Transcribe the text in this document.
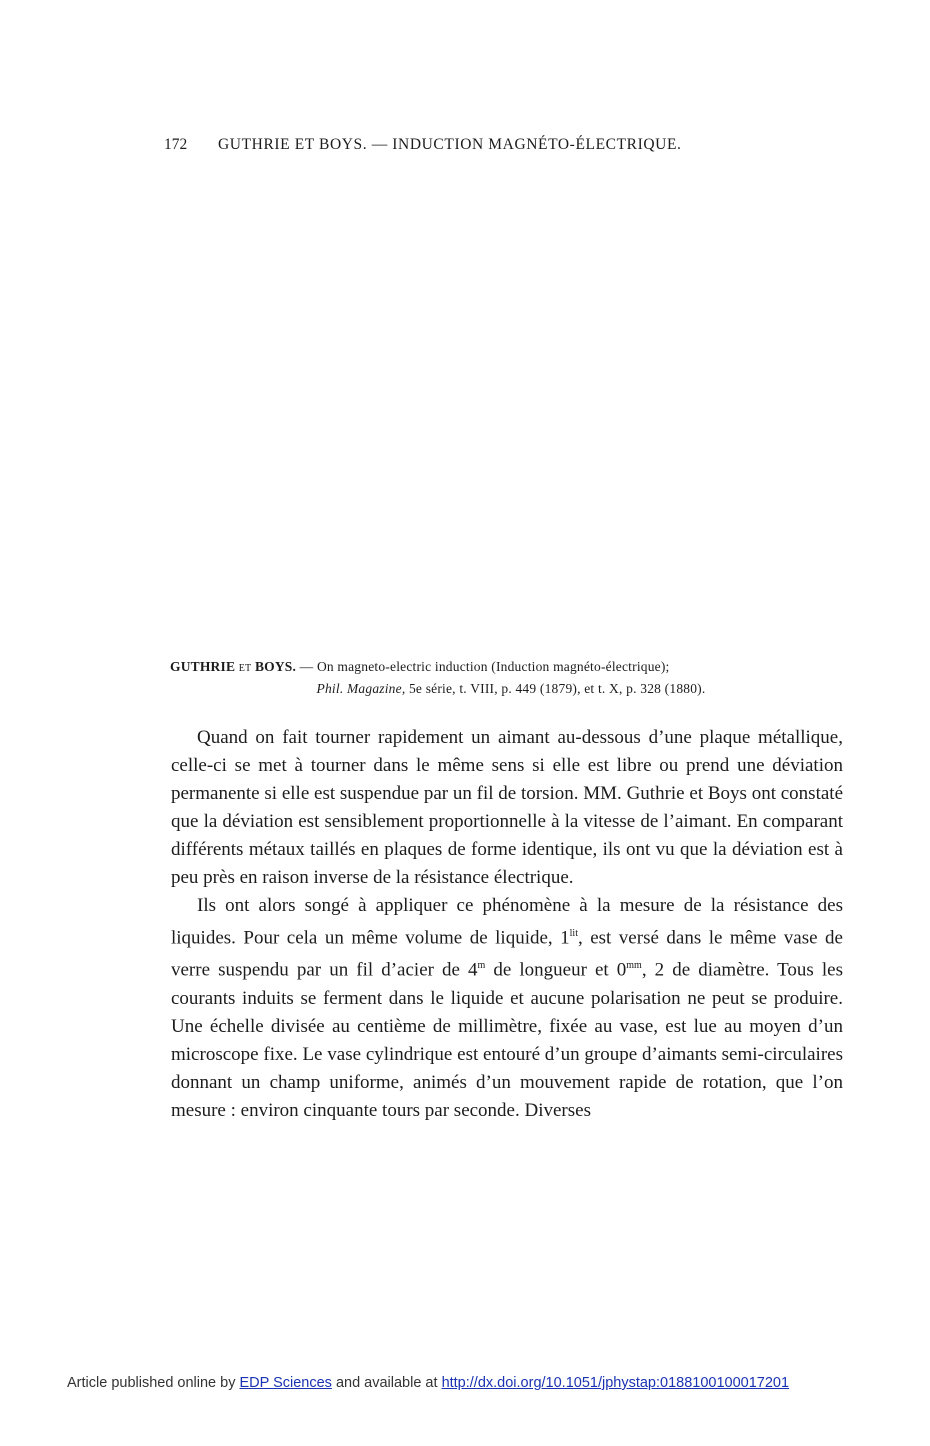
172 GUTHRIE ET BOYS. — INDUCTION MAGNÉTO-ÉLECTRIQUE.
GUTHRIE ET BOYS. — On magneto-electric induction (Induction magnéto-électrique);
Phil. Magazine, 5e série, t. VIII, p. 449 (1879), et t. X, p. 328 (1880).

Quand on fait tourner rapidement un aimant au-dessous d’une plaque métallique, celle-ci se met à tourner dans le même sens si elle est libre ou prend une déviation permanente si elle est suspendue par un fil de torsion. MM. Guthrie et Boys ont constaté que la déviation est sensiblement proportionnelle à la vitesse de l’aimant. En comparant différents métaux taillés en plaques de forme identique, ils ont vu que la déviation est à peu près en raison inverse de la résistance électrique.

Ils ont alors songé à appliquer ce phénomène à la mesure de la résistance des liquides. Pour cela un même volume de liquide, $1^{lit}$, est versé dans le même vase de verre suspendu par un fil d’acier de 4$^m$ de longueur et $0^{mm}$, 2 de diamètre. Tous les courants induits se ferment dans le liquide et aucune polarisation ne peut se produire. Une échelle divisée au centième de millimètre, fixée au vase, est lue au moyen d’un microscope fixe. Le vase cylindrique est entouré d’un groupe d’aimants semi-circulaires donnant un champ uniforme, animés d’un mouvement rapide de rotation, que l’on mesure : environ cinquante tours par seconde. Diverses

Article published online by EDP Sciences and available at http://dx.doi.org/10.1051/jphystap:0188100100017201
